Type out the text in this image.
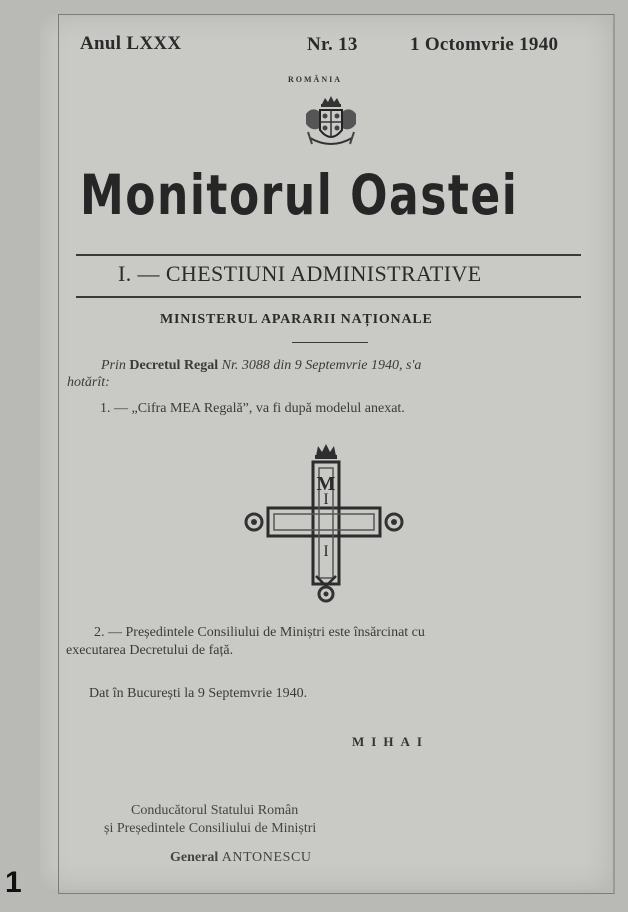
Anul LXXX	Nr. 13	1 Octomvrie 1940
ROMÂNIA
Monitorul Oastei
I. — CHESTIUNI ADMINISTRATIVE
MINISTERUL APARARII NAȚIONALE
Prin Decretul Regal Nr. 3088 din 9 Septemvrie 1940, s'a
hotărît:
1. — „Cifra MEA Regală”, va fi după modelul anexat.
M
I
I
2. — Președintele Consiliului de Miniștri este însărcinat cu
executarea Decretului de față.
Dat în București la 9 Septemvrie 1940.
MIHAI
Conducătorul Statului Român
și Președintele Consiliului de Miniștri
General ANTONESCU
1
